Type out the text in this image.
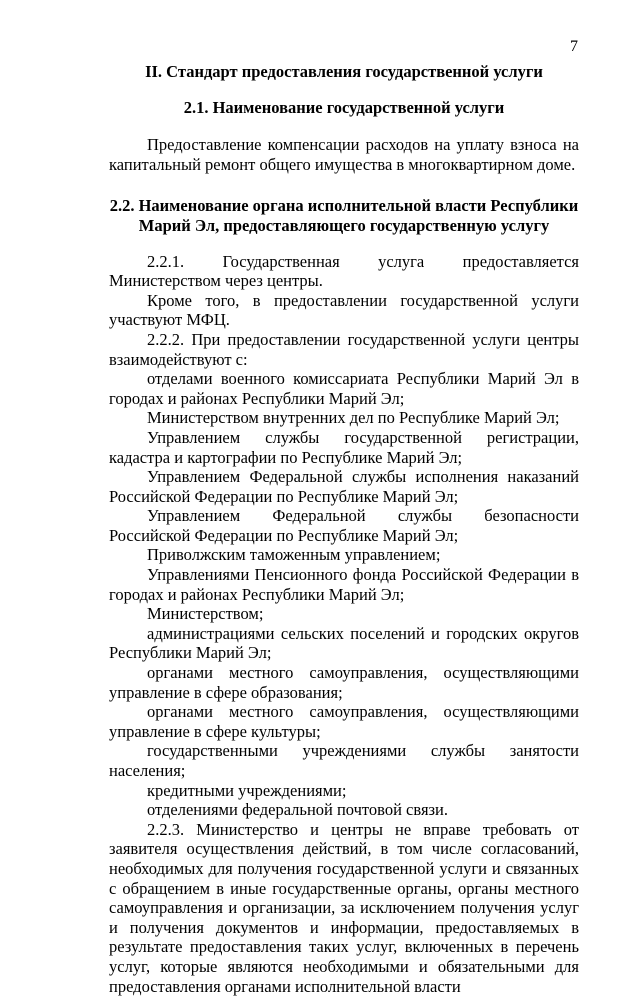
7
II. Стандарт предоставления государственной услуги
2.1. Наименование государственной услуги

Предоставление компенсации расходов на уплату взноса на капитальный ремонт общего имущества в многоквартирном доме.

2.2. Наименование органа исполнительной власти Республики Марий Эл, предоставляющего государственную услугу

2.2.1. Государственная услуга предоставляется Министерством через центры.

Кроме того, в предоставлении государственной услуги участвуют МФЦ.

2.2.2. При предоставлении государственной услуги центры взаимодействуют с:

отделами военного комиссариата Республики Марий Эл в городах и районах Республики Марий Эл;

Министерством внутренних дел по Республике Марий Эл;

Управлением службы государственной регистрации, кадастра и картографии по Республике Марий Эл;

Управлением Федеральной службы исполнения наказаний Российской Федерации по Республике Марий Эл;

Управлением Федеральной службы безопасности Российской Федерации по Республике Марий Эл;

Приволжским таможенным управлением;

Управлениями Пенсионного фонда Российской Федерации в городах и районах Республики Марий Эл;

Министерством;

администрациями сельских поселений и городских округов Республики Марий Эл;

органами местного самоуправления, осуществляющими управление в сфере образования;

органами местного самоуправления, осуществляющими управление в сфере культуры;

государственными учреждениями службы занятости населения;

кредитными учреждениями;

отделениями федеральной почтовой связи.

2.2.3. Министерство и центры не вправе требовать от заявителя осуществления действий, в том числе согласований, необходимых для получения государственной услуги и связанных с обращением в иные государственные органы, органы местного самоуправления и организации, за исключением получения услуг и получения документов и информации, предоставляемых в результате предоставления таких услуг, включенных в перечень услуг, которые являются необходимыми и обязательными для предоставления органами исполнительной власти
